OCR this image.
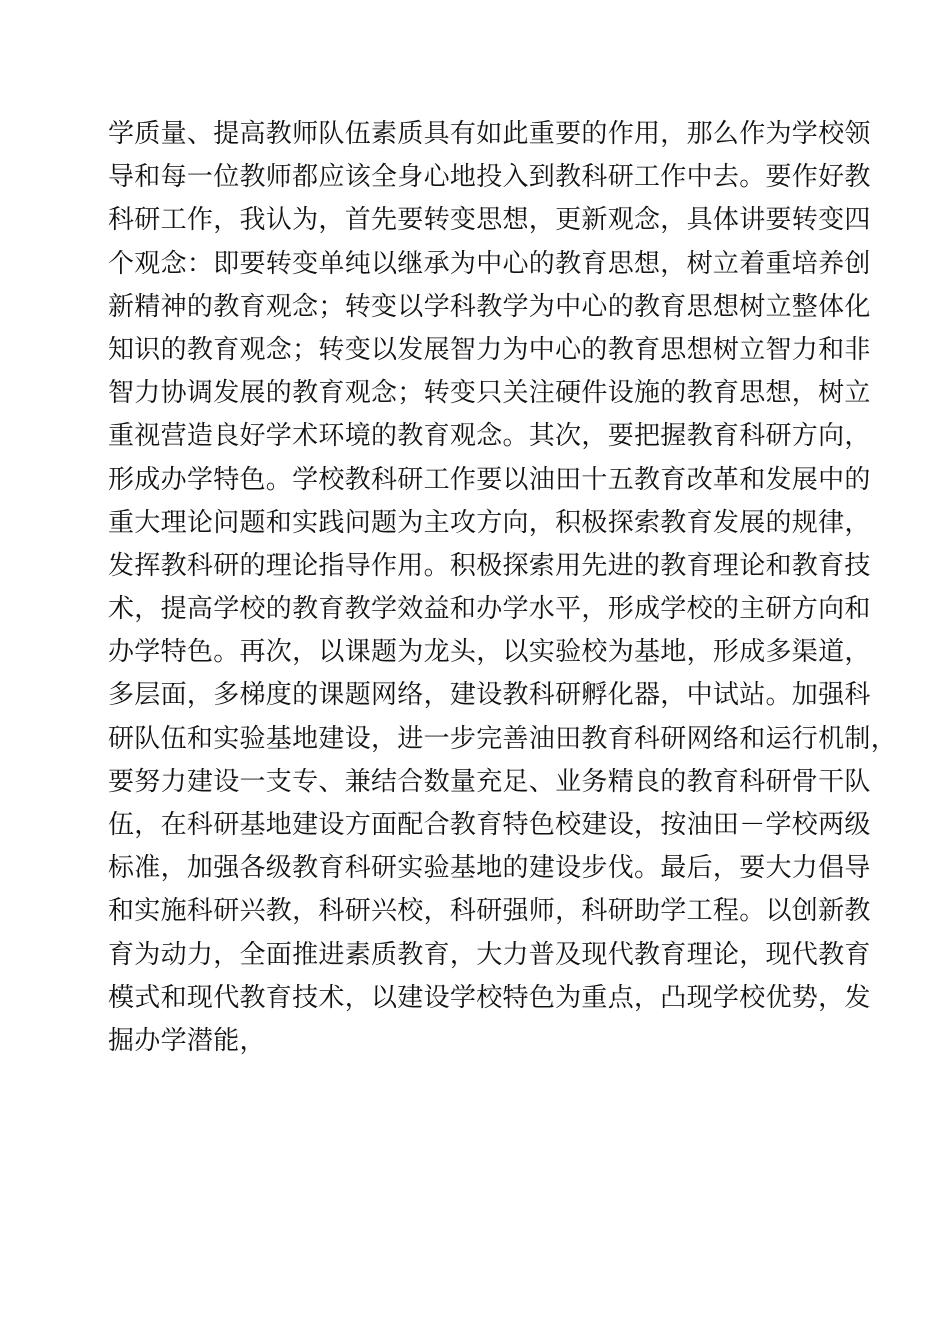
学质量、提高教师队伍素质具有如此重要的作用，那么作为学校领
导和每一位教师都应该全身心地投入到教科研工作中去。要作好教
科研工作，我认为，首先要转变思想，更新观念，具体讲要转变四
个观念：即要转变单纯以继承为中心的教育思想，树立着重培养创
新精神的教育观念；转变以学科教学为中心的教育思想树立整体化
知识的教育观念；转变以发展智力为中心的教育思想树立智力和非
智力协调发展的教育观念；转变只关注硬件设施的教育思想，树立
重视营造良好学术环境的教育观念。其次，要把握教育科研方向，
形成办学特色。学校教科研工作要以油田十五教育改革和发展中的
重大理论问题和实践问题为主攻方向，积极探索教育发展的规律，
发挥教科研的理论指导作用。积极探索用先进的教育理论和教育技
术，提高学校的教育教学效益和办学水平，形成学校的主研方向和
办学特色。再次，以课题为龙头，以实验校为基地，形成多渠道，
多层面，多梯度的课题网络，建设教科研孵化器，中试站。加强科
研队伍和实验基地建设，进一步完善油田教育科研网络和运行机制，
要努力建设一支专、兼结合数量充足、业务精良的教育科研骨干队
伍，在科研基地建设方面配合教育特色校建设，按油田－学校两级
标准，加强各级教育科研实验基地的建设步伐。最后，要大力倡导
和实施科研兴教，科研兴校，科研强师，科研助学工程。以创新教
育为动力，全面推进素质教育，大力普及现代教育理论，现代教育
模式和现代教育技术，以建设学校特色为重点，凸现学校优势，发
掘办学潜能，
